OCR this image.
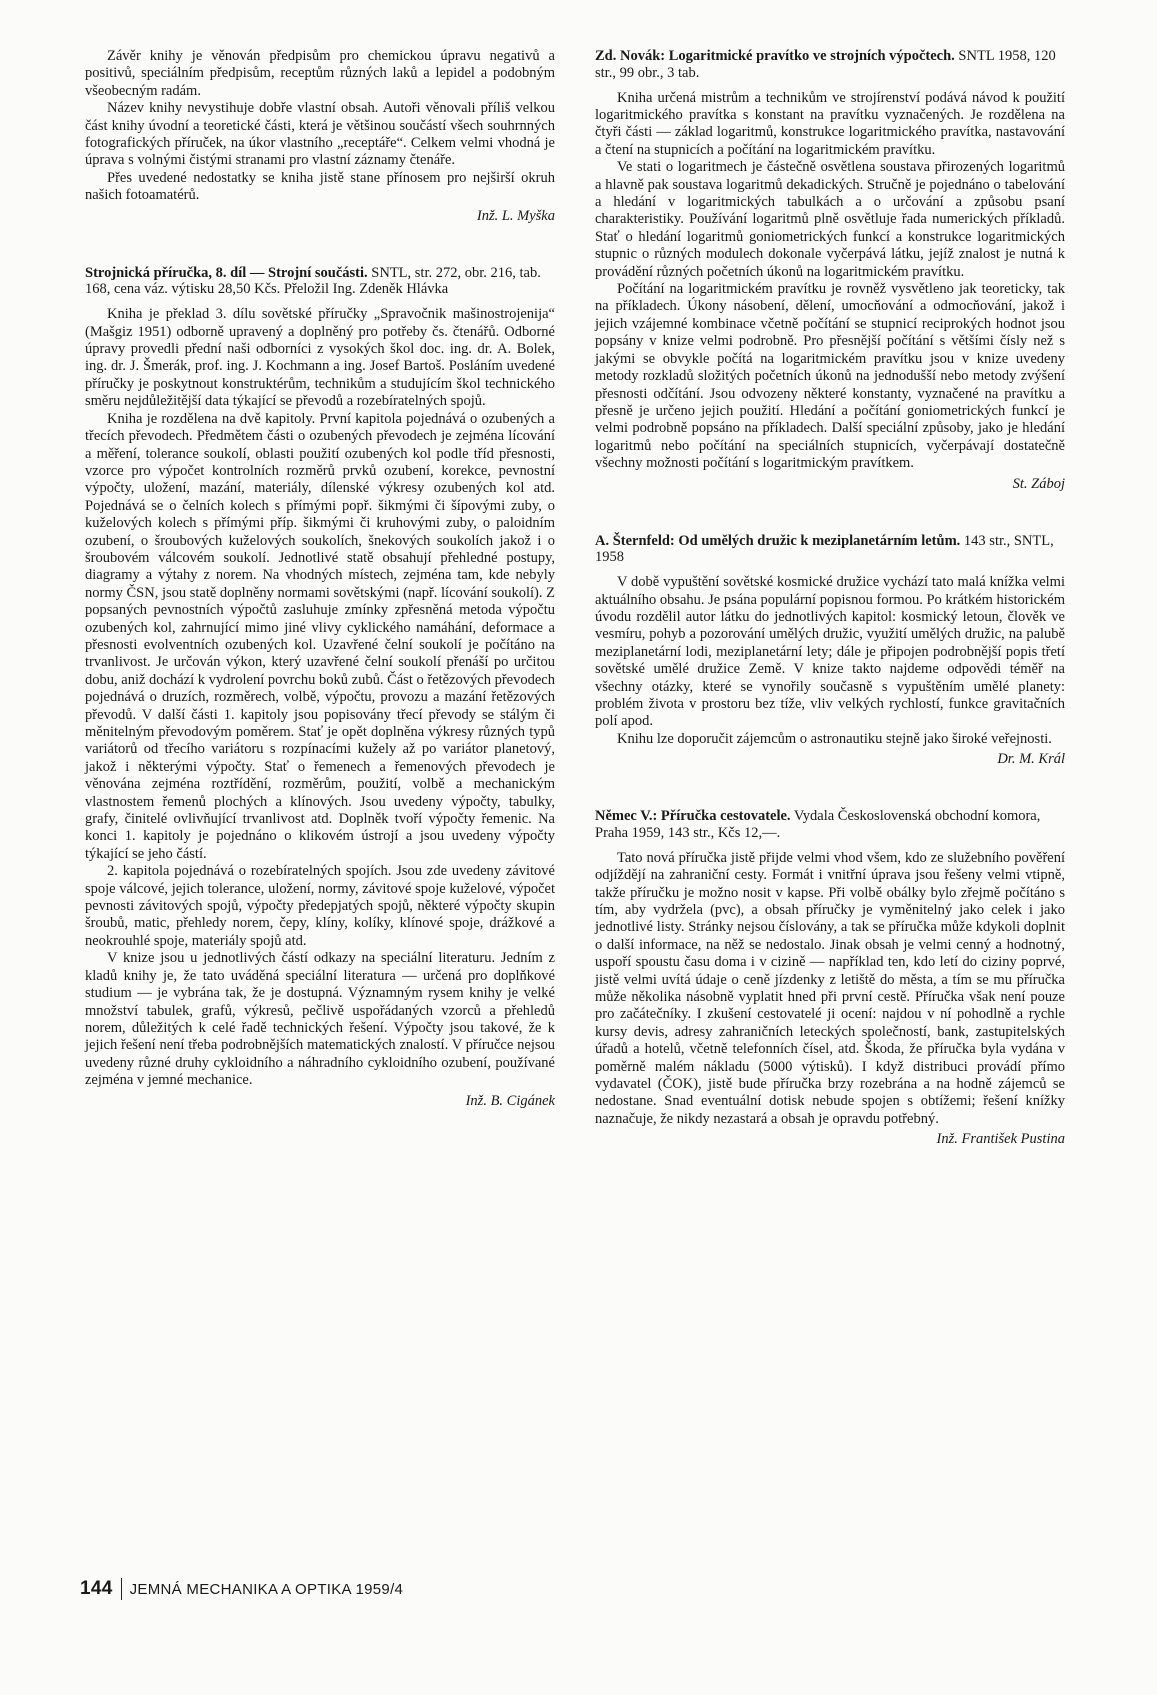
Závěr knihy je věnován předpisům pro chemickou úpravu negativů a positivů, speciálním předpisům, receptům různých laků a lepidel a podobným všeobecným radám.

Název knihy nevystihuje dobře vlastní obsah. Autoři věnovali příliš velkou část knihy úvodní a teoretické části, která je většinou součástí všech souhrnných fotografických příruček, na úkor vlastního „receptáře“. Celkem velmi vhodná je úprava s volnými čistými stranami pro vlastní záznamy čtenáře.

Přes uvedené nedostatky se kniha jistě stane přínosem pro nejširší okruh našich fotoamatérů.

Inž. L. Myška

Strojnická příručka, 8. díl — Strojní součásti. SNTL, str. 272, obr. 216, tab. 168, cena váz. výtisku 28,50 Kčs. Přeložil Ing. Zdeněk Hlávka

Kniha je překlad 3. dílu sovětské příručky „Spravočnik mašinostrojenija“ (Mašgiz 1951) odborně upravený a doplněný pro potřeby čs. čtenářů. Odborné úpravy provedli přední naši odborníci z vysokých škol doc. ing. dr. A. Bolek, ing. dr. J. Šmerák, prof. ing. J. Kochmann a ing. Josef Bartoš. Posláním uvedené příručky je poskytnout konstruktérům, technikům a studujícím škol technického směru nejdůležitější data týkající se převodů a rozebíratelných spojů.

Kniha je rozdělena na dvě kapitoly. První kapitola pojednává o ozubených a třecích převodech. Předmětem části o ozubených převodech je zejména lícování a měření, tolerance soukolí, oblasti použití ozubených kol podle tříd přesnosti, vzorce pro výpočet kontrolních rozměrů prvků ozubení, korekce, pevnostní výpočty, uložení, mazání, materiály, dílenské výkresy ozubených kol atd. Pojednává se o čelních kolech s přímými popř. šikmými či šípovými zuby, o kuželových kolech s přímými příp. šikmými či kruhovými zuby, o paloidním ozubení, o šroubových kuželových soukolích, šnekových soukolích jakož i o šroubovém válcovém soukolí. Jednotlivé statě obsahují přehledné postupy, diagramy a výtahy z norem. Na vhodných místech, zejména tam, kde nebyly normy ČSN, jsou statě doplněny normami sovětskými (např. lícování soukolí). Z popsaných pevnostních výpočtů zasluhuje zmínky zpřesněná metoda výpočtu ozubených kol, zahrnující mimo jiné vlivy cyklického namáhání, deformace a přesnosti evolventních ozubených kol. Uzavřené čelní soukolí je počítáno na trvanlivost. Je určován výkon, který uzavřené čelní soukolí přenáší po určitou dobu, aniž dochází k vydrolení povrchu boků zubů. Část o řetězových převodech pojednává o druzích, rozměrech, volbě, výpočtu, provozu a mazání řetězových převodů. V další části 1. kapitoly jsou popisovány třecí převody se stálým či měnitelným převodovým poměrem. Stať je opět doplněna výkresy různých typů variátorů od třecího variátoru s rozpínacími kužely až po variátor planetový, jakož i některými výpočty. Stať o řemenech a řemenových převodech je věnována zejména roztřídění, rozměrům, použití, volbě a mechanickým vlastnostem řemenů plochých a klínových. Jsou uvedeny výpočty, tabulky, grafy, činitelé ovlivňující trvanlivost atd. Doplněk tvoří výpočty řemenic. Na konci 1. kapitoly je pojednáno o klikovém ústrojí a jsou uvedeny výpočty týkající se jeho částí.

2. kapitola pojednává o rozebíratelných spojích. Jsou zde uvedeny závitové spoje válcové, jejich tolerance, uložení, normy, závitové spoje kuželové, výpočet pevnosti závitových spojů, výpočty předepjatých spojů, některé výpočty skupin šroubů, matic, přehledy norem, čepy, klíny, kolíky, klínové spoje, drážkové a neokrouhlé spoje, materiály spojů atd.

V knize jsou u jednotlivých částí odkazy na speciální literaturu. Jedním z kladů knihy je, že tato uváděná speciální literatura — určená pro doplňkové studium — je vybrána tak, že je dostupná. Významným rysem knihy je velké množství tabulek, grafů, výkresů, pečlivě uspořádaných vzorců a přehledů norem, důležitých k celé řadě technických řešení. Výpočty jsou takové, že k jejich řešení není třeba podrobnějších matematických znalostí. V příručce nejsou uvedeny různé druhy cykloidního a náhradního cykloidního ozubení, používané zejména v jemné mechanice.

Inž. B. Cigánek

Zd. Novák: Logaritmické pravítko ve strojních výpočtech. SNTL 1958, 120 str., 99 obr., 3 tab.

Kniha určená mistrům a technikům ve strojírenství podává návod k použití logaritmického pravítka s konstant na pravítku vyznačených. Je rozdělena na čtyři části — základ logaritmů, konstrukce logaritmického pravítka, nastavování a čtení na stupnicích a počítání na logaritmickém pravítku.

Ve stati o logaritmech je částečně osvětlena soustava přirozených logaritmů a hlavně pak soustava logaritmů dekadických. Stručně je pojednáno o tabelování a hledání v logaritmických tabulkách a o určování a způsobu psaní charakteristiky. Používání logaritmů plně osvětluje řada numerických příkladů. Stať o hledání logaritmů goniometrických funkcí a konstrukce logaritmických stupnic o různých modulech dokonale vyčerpává látku, jejíž znalost je nutná k provádění různých početních úkonů na logaritmickém pravítku.

Počítání na logaritmickém pravítku je rovněž vysvětleno jak teoreticky, tak na příkladech. Úkony násobení, dělení, umocňování a odmocňování, jakož i jejich vzájemné kombinace včetně počítání se stupnicí reciprokých hodnot jsou popsány v knize velmi podrobně. Pro přesnější počítání s většími čísly než s jakými se obvykle počítá na logaritmickém pravítku jsou v knize uvedeny metody rozkladů složitých početních úkonů na jednodušší nebo metody zvýšení přesnosti odčítání. Jsou odvozeny některé konstanty, vyznačené na pravítku a přesně je určeno jejich použití. Hledání a počítání goniometrických funkcí je velmi podrobně popsáno na příkladech. Další speciální způsoby, jako je hledání logaritmů nebo počítání na speciálních stupnicích, vyčerpávají dostatečně všechny možnosti počítání s logaritmickým pravítkem.

St. Záboj

A. Šternfeld: Od umělých družic k meziplanetárním letům. 143 str., SNTL, 1958

V době vypuštění sovětské kosmické družice vychází tato malá knížka velmi aktuálního obsahu. Je psána populární popisnou formou. Po krátkém historickém úvodu rozdělil autor látku do jednotlivých kapitol: kosmický letoun, člověk ve vesmíru, pohyb a pozorování umělých družic, využití umělých družic, na palubě meziplanetární lodi, meziplanetární lety; dále je připojen podrobnější popis třetí sovětské umělé družice Země. V knize takto najdeme odpovědi téměř na všechny otázky, které se vynořily současně s vypuštěním umělé planety: problém života v prostoru bez tíže, vliv velkých rychlostí, funkce gravitačních polí apod.

Knihu lze doporučit zájemcům o astronautiku stejně jako široké veřejnosti.

Dr. M. Král

Němec V.: Příručka cestovatele. Vydala Československá obchodní komora, Praha 1959, 143 str., Kčs 12,—.

Tato nová příručka jistě přijde velmi vhod všem, kdo ze služebního pověření odjíždějí na zahraniční cesty. Formát i vnitřní úprava jsou řešeny velmi vtipně, takže příručku je možno nosit v kapse. Při volbě obálky bylo zřejmě počítáno s tím, aby vydržela (pvc), a obsah příručky je vyměnitelný jako celek i jako jednotlivé listy. Stránky nejsou číslovány, a tak se příručka může kdykoli doplnit o další informace, na něž se nedostalo. Jinak obsah je velmi cenný a hodnotný, uspoří spoustu času doma i v cizině — například ten, kdo letí do ciziny poprvé, jistě velmi uvítá údaje o ceně jízdenky z letiště do města, a tím se mu příručka může několika násobně vyplatit hned při první cestě. Příručka však není pouze pro začátečníky. I zkušení cestovatelé ji ocení: najdou v ní pohodlně a rychle kursy devis, adresy zahraničních leteckých společností, bank, zastupitelských úřadů a hotelů, včetně telefonních čísel, atd. Škoda, že příručka byla vydána v poměrně malém nákladu (5000 výtisků). I když distribuci provádí přímo vydavatel (ČOK), jistě bude příručka brzy rozebrána a na hodně zájemců se nedostane. Snad eventuální dotisk nebude spojen s obtížemi; řešení knížky naznačuje, že nikdy nezastará a obsah je opravdu potřebný.

Inž. František Pustina

144 JEMNÁ MECHANIKA A OPTIKA 1959/4
